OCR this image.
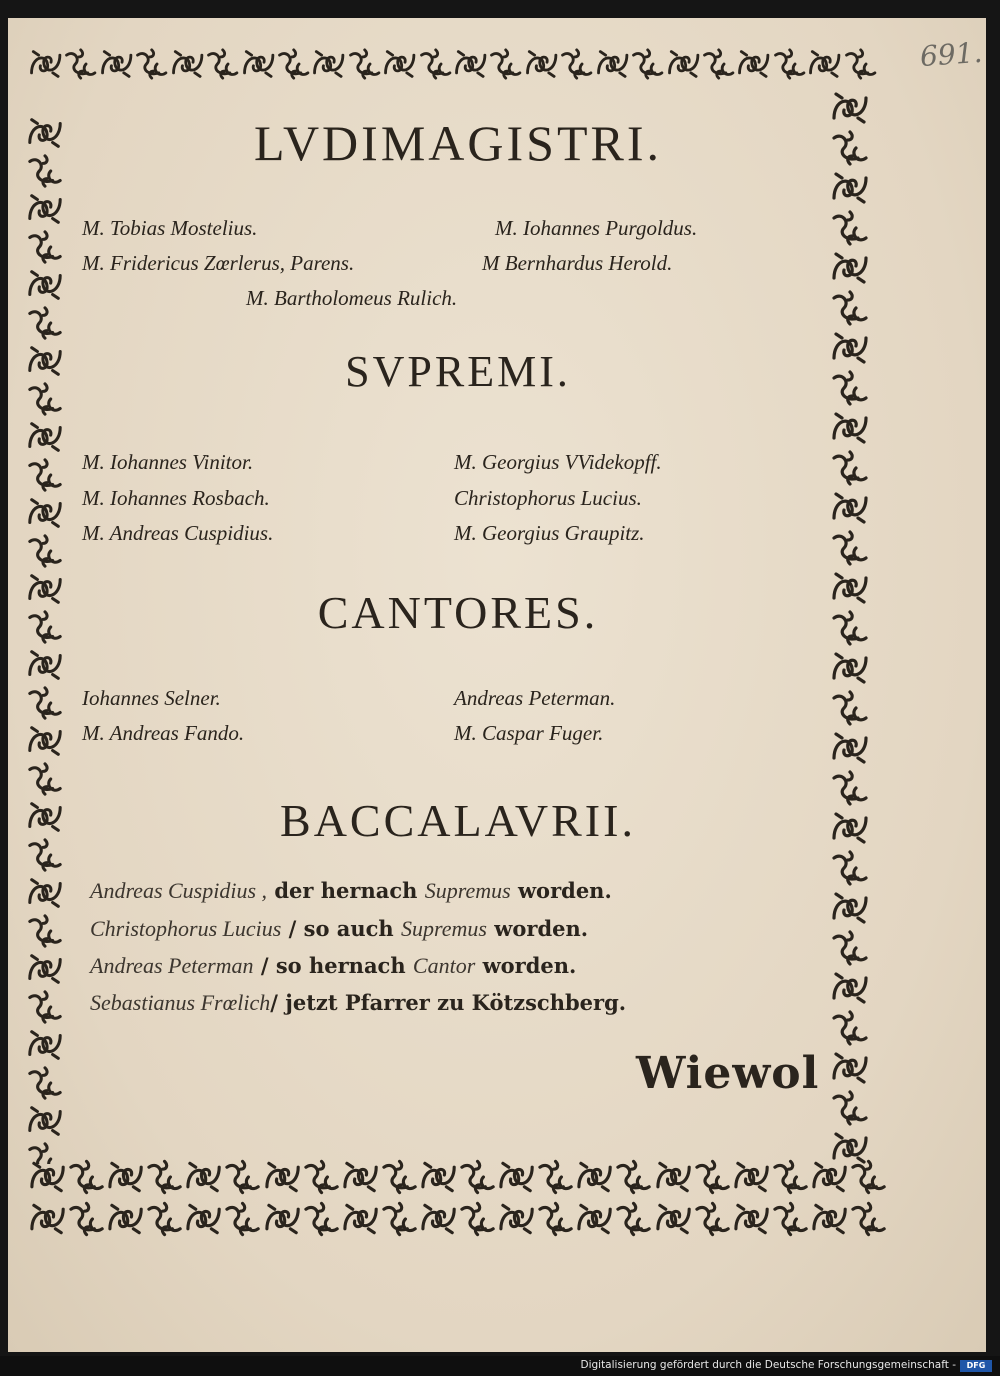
691.
LVDIMAGISTRI.
M. Tobias Mostelius.	M. Iohannes Purgoldus.
M. Fridericus Zœrlerus, Parens.	M Bernhardus Herold.
M. Bartholomeus Rulich.
SVPREMI.
M. Iohannes Vinitor.	M. Georgius VVidekopff.
M. Iohannes Rosbach.	Christophorus Lucius.
M. Andreas Cuspidius.	M. Georgius Graupitz.
CANTORES.
Iohannes Selner.	Andreas Peterman.
M. Andreas Fando.	M. Caspar Fuger.
BACCALAVRII.
Andreas Cuspidius , der hernach Supremus worden.
Christophorus Lucius / so auch Supremus worden.
Andreas Peterman / so hernach Cantor worden.
Sebastianus Frœlich/ jetzt Pfarrer zu Kötzschberg.
Wiewol
Digitalisierung gefördert durch die Deutsche Forschungsgemeinschaft -	DFG
